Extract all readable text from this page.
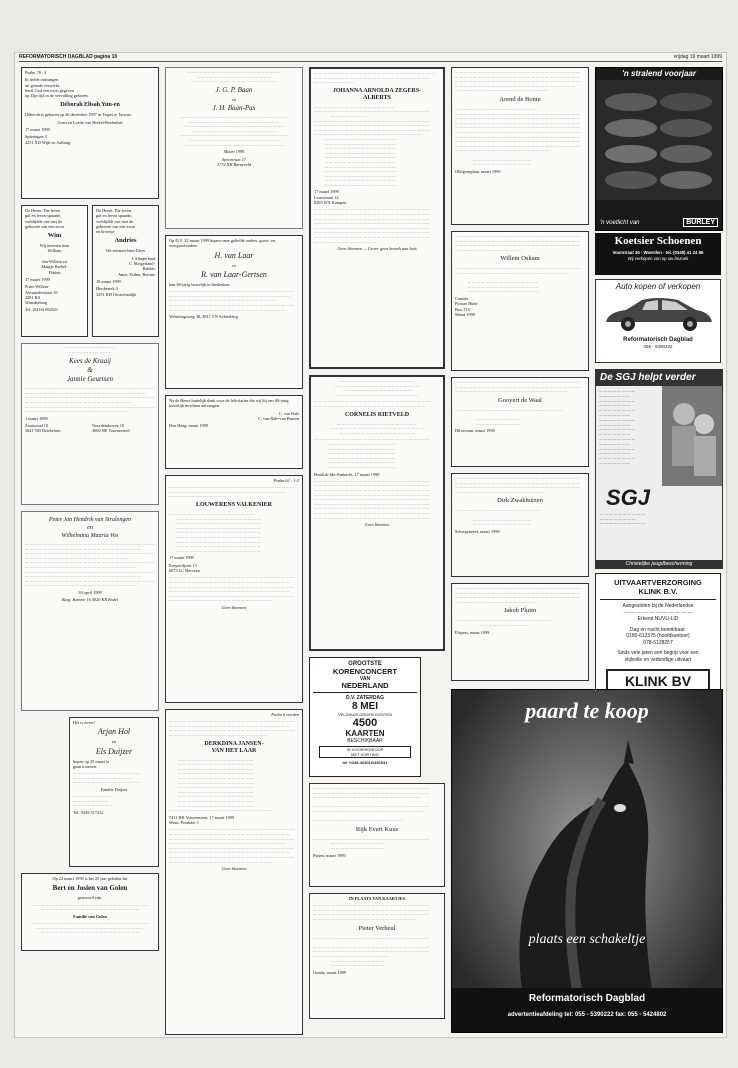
REFORMATORISCH DAGBLAD pagina 10	vrijdag 19 maart 1999

Psalm 78 : 4

In liefde ontvangen
uit genade verwerkt,
heeft God een zoon gegeven
op Zijn tijd in de vervulling geboren.

Déborah Elisah Yun-en

Déborah is geboren op 26 december 1997 in Taipei te Taiwan.

Goen en Loette van Berkel-Boelenbal

17 maart 1999

Spieringen 3
4251 XD Wijk en Aalburg

De Heere, Die leven
gaf en leven spaarde,
verblijdde ons met de
geboorte van een zoon

Wim

Wij noemen hem
William

Jan-Willem en
Margje Barbel-
Flatten

17 maart 1999

Prins-Willem-
Alexanderstraat 19
4281 BA
Waarderburg

Tel. (0416) 692821

De Heere, Die leven
gaf en leven spaarde,
verblijdde ons met de
geboorte van een zoon
en broertje

Andries

We noemen hem Dries

J. Slingerland
C. Slingerland-
Bakker
Anne, Esther, Bertine

18 maart 1999

Herdertrek 4
3291 KH Oosterlandijk

~ ~ ~ ~ ~ ~ ~ ~ ~ ~ ~ ~ ~ ~ ~ ~ ~ ~
~ ~ ~ ~ ~ ~ ~ ~ ~ ~ ~ ~ ~ ~ ~

Kees de Kraaij
&
Jannie Geurtsen

— — — — — — — — — — — — — — — — — — — — — — — — — — — — —
— — — — — — — — — — — — — — — — — — — — — — — — — — —
— — — — — — — — — — — — — — — — — — — — — — — — — — — — —
— — — — — — — — — — — — — — — — — — — — — — — —
— — — — — — — — — — — — — — — — — — — — — — — — — — — — —
— — — — — — — — — — — — — — — — — — — — — — —

1 maart 1999

Zoutwoud 10
3641 ND Driebelsen
Noordeinhoven 10
3600 NE Voormwinel
Peter Jan Hendrik van Stralengen
en
Wilhelmina Maaria Vos

— — — — — — — — — — — — — — — — — — — — — — — — — — — — —
— — — — — — — — — — — — — — — — — — — — — — — — — —
— — — — — — — — — — — — — — — — — — — — — — — — — — — — —
— — — — — — — — — — — — — — — — — — — — — — —
— — — — — — — — — — — — — — — — — — — — — — — — — — — — —
— — — — — — — — — — — — — — — — — — — — — — — — —
— — — — — — — — — — — — — — — — — — — — — — — — — — — — —
— — — — — — — — — — — — — — — — — — — — — — — — — —
— — — — — — — — — — — — — — — — — — — — — — — — — — — — —
— — — — — — — — — — — — — — — — — — — — — — — — —

30 april 1999

Burg. Romme 16 4926 KR Bodel

Het is zover!

Arjan Hol
en
Els Duijzer

hopen op 25 maart te
gaan trouwen.

— — — — — — — — — — — — — — —
— — — — — — — — — — — — —
— — — — — — — — — — — — — — —

Familie Duijzer

— — — — — — — — —
— — — — — — — —
— — — — — — — — —

Tel. 0345-517222

Op 22 maart 1999 is het 25 jaar geleden dat

Bert en Josien van Golen

getrouwd zijn.

— — — — — — — — — — — — — — — — — — — — — — — — — —
— — — — — — — — — — — — — — — — — — — — — —

Familie van Golen

— — — — — — — — — — — — — — — — — — — — — — — — — —
— — — — — — — — — — — — — — — — — — — — — — — —
— — — — — — — — — — — — — — — — — — — — — —

— — — — — — — — — — — — — — — — — — — — — — —
— — — — — — — — — — — — — — — — — —
— — — — — — — — — — — — — — — — — — — — —

J. G. P. Baan
en
J. H. Baan-Pas

— — — — — — — — — — — — — — — — — — — — — — — — — —
— — — — — — — — — — — — — — — — — — — — — —
— — — — — — — — — — — — — — — — — — — — — — — — —
— — — — — — — — — — — — — — — — — — — — —
— — — — — — — — — — — — — — — — — — — — — — — — — —
— — — — — — — — — — — — — — — — — — — — — —
— — — — — — — — — — — — — — — — — — — — — — — — —

Maart 1999

Spoortraat 17
3772 NH Barneveld

Op D.V. 22 maart 1999 hopen onze geliefde ouders, groot- en overgrootouders

H. van Laar
en
R. van Laar-Gertsen

hun 60-jarig huwelijk te herdenken.

— — — — — — — — — — — — — — — — — — — — — — — — — — — —
— — — — — — — — — — — — — — — — — — — — — — — — — — —
— — — — — — — — — — — — — — — — — — — — — — — —
— — — — — — — — — — — — — — — — — — — — — — — — — — — —
— — — — — — — — — — — — — — — — — — — — — — — — — —

Wetteringsweg 40, 2811 VN Achterberg

Na de Heere hartelijk dank voor de felicitaties die wij bij ons 60-jarig huwelijk mochten ontvangen.

C. van Bale
C. van Bale-van Baaren

Den Haag, maart 1999

Psalm 62 : 1-2

— — — — — — — — — — — — — — — — — — — — — — — — — — — —
— — — — — — — — — — — — — — — — — — — — — — — — — —
— — — — — — — — — — — — —

LOUWERENS VALKENIER

— — — — — — — — — — — — — — — — — — —
— — — — — — — — — — — — — — — — — — —
— — — — — — — — — — — — — — — — — — —
— — — — — — — — — — — — — — — — — — —
— — — — — — — — — — — — — — — — — — —
— — — — — — — — — — — — — — — — — — —
— — — — — — — — — — — — — — — — — — —
— — — — — — — — — — — — — — — — — — —
— — — — — — — — — — — — — — — — — — —

17 maart 1999

Zeepaviljoen 13
6873 LC Herveen

— — — — — — — — — — — — — — — — — — — — — — — — — — — —
— — — — — — — — — — — — — — — — — — — — — — — — — — —
— — — — — — — — — — — — — — — — — — — — — — — — — — — —
— — — — — — — — — — — — — — — — — — — — — — — — — — —
— — — — — — — — — — — — — — — — — — — — — — — — — — — —
— — — — — — — — — — — — — — — — — — — — — — —

Geen bloemen

Psalm 6 vierden

— — — — — — — — — — — — — — — — — — — — — — — — — — — —
— — — — — — — — — — — — — — — — — — — — — — — — — — —
— — — — — — — — — — — — — — — — — — — — — — — — — — — —
— — — — — — — — — — — — — — — — — — — — — —

DERKDINA JANSEN-
VAN HET LAAR

— — — — — — — — — — — — — — — — —
— — — — — — — — — — — — — — — — —
— — — — — — — — — — — — — — — — —
— — — — — — — — — — — — — — — — —
— — — — — — — — — — — — — — — — —
— — — — — — — — — — — — — — — — —
— — — — — — — — — — — — — — — — —
— — — — — — — — — — — — — — — — —
— — — — — — — — — — — — — — — — —
— — — — — — — — — — — — — — — — —
— — — — — — — — — — — — — — — — —
— — — — — — — — — — — — — — — — — — — — — — —

7411 HK Vriezenveen, 17 maart 1999
Westr. Postbaat 5

— — — — — — — — — — — — — — — — — — — — — — — — — — — —
— — — — — — — — — — — — — — — — — — — — — — — — — — —
— — — — — — — — — — — — — — — — — — — — — — — — — — — —
— — — — — — — — — — — — — — — — — — — — — — — — — —
— — — — — — — — — — — — — — — — — — — — — — — — — — — —
— — — — — — — — — — — — — — — — — — — — — — — — — — —
— — — — — — — — — — — — — — — — — — — — — — — — — — — —
— — — — — — — — — — — — — — — — — — — — — — —

Geen bloemen

— — — — — — — — — — — — — — — — — — — — — — — — — — —
— — — — — — — — — — — — — — — — — — — — — — — — — —
— — — — — — — — —

JOHANNA ARNOLDA ZEGERS-
ALBERTS

— — — — — — — — — — — — — — — — — —
— — — — — — — — — — — — — — — — — — — — — — — — — —
— — — — — — — —
— — — — — — — — — — — — — — — — — — — — — — — — — —
— — — — — — — — — — — — — — — — — — — — — — — — — —
— — — — — — — — — — — — — — — — — — — — — — — — — —
— — — — — — — — — — — — — — — — — — — — — — — —
— — — — — — — — — — — — — — — —
— — — — — — — — — — — — — — — —
— — — — — — — — — — — — — — — —
— — — — — — — — — — — — — — — —
— — — — — — — — — — — — — — — —
— — — — — — — — — — — — — — — —
— — — — — — — — — — — — — — — —
— — — — — — — — — — — — — — — —
— — — — — — — — — — — — — — — —
— — — — — — — — — — — — — — — —
— — — — — — — — — — — — — — — —

17 maart 1999
Louisstraat 14
8265 WX Kampen

— — — — — — — — — — — — — — — — — — — — — — — — — —
— — — — — — — — — — — — — — — — — — — — — — — — — —
— — — — — — — — — — — — — — — — — — — — — — — — — —
— — — — — — — — — — — — — — — — — — — — — — — — — —
— — — — — — — — — — — — — — — — — — — — — — — — — —
— — — — — — — — — — — — — — — — — — — — — — — — — —
— — — — — — — — — — — — — — — — — — — — — — — — — —
— — — — — — — — — — — — — —

Geen bloemen — Liever geen bezoek aan huis

— — — — — — — — — — — — — — — — — —
— — — — — — — — — — — — — — — — — — — — —
— — — — — — — — — — — — — — — — —
— — — — — — — — — — — — — — — — — — — —

— — — — — — — — — — — — — — — — — — — — — — — — — —
— — — — — — — — — — — — — — — — — — — — — — — — —

CORNELIS RIETVELD

— — — — — — — — — — — — — — — — — —
— — — — — — — — — — — — — — — — — — — — —
— — — — — — — — — — — — — — — — —

— — — — — — — — — — — — — — — — — — — — — — — — — —
— — — — — — — — — — — — — — —
— — — — — — — — — — — — — — —
— — — — — — — — — — — — — — —
— — — — — — — — — — — — — — —
— — — — — — — — — — — — — — —
— — — — — — — — — — — — — — —

Hendrik-Ido-Ambacht, 17 maart 1999

— — — — — — — — — — — — — — — — — — — — — — — — — —
— — — — — — — — — — — — — — — — — — — — — — — — — —
— — — — — — — — — — — — — — — — — — — — — — — — — —
— — — — — — — — — — — — — — — — — — — — — — — — — —
— — — — — — — — — — — — — — — — — — — — — — — — — —
— — — — — — — — — — — — — — — — — — — — — — — — — —
— — — — — — — — — — — — — — — — — — — — — — — — — —
— — — — — — — — — — — — — — — — — — — — — — — — — —
— — — — — — — — — — — — — — — — — — — — — — — — — —

Geen bloemen

GROOTSTE
KORENCONCERT
VAN
NEDERLAND
D.V. ZATERDAG
8 MEI
VELDHUIS GROEN OOSTEN
4500
KAARTEN
BESCHIKBAAR
IN VOORVERKOOP
MET KORTING
tel. 0348-463016/452031

— — — — — — — — — — — — — — — — — — — — — — — — — —
— — — — — — — — — — — — — — — — — — — — — — — — — —
— — — — — — — — — — — — — — — — — — — — — — — —

— — — — — — — — — — — — — — — — — — — — — — — — — —
— — — — — — — — — — — — — — — — — — — — — — — — —

— — — — — — — — — — — — — — — — — — — —

Rijk Evert Kuus

— — — — — — — — — — — — — — — — — — — — — — — — — —
— — — — — — — — — — — —
— — — — — — — — — — — —

Putten, maart 1999

IN PLAATS VAN KAARTJES

— — — — — — — — — — — — — — — — — — — — — — — — — —
— — — — — — — — — — — — — — — — — — — — — — — — — —
— — — — — — — — — — — — — — — — — — — — — — — — — —
— — — — — — — — — — — — — — — — — — — — — — —

Pieter Verheul

— — — — — — — — — — — — — — — — — — — — — — — — — —

— — — — — — — — — — — — — — — — — — — — — — — — — —
— — — — — — — — — — — — — — — — — — — — — — — — — —
— — — — — — — — — — — — — — — — —
— — — — — — — — — — — —
— — — — — — — — — — — —

Gouda, maart 1999

— — — — — — — — — — — — — — — — — — — — — — — — — — — —
— — — — — — — — — — — — — — — — — — — — — — — — — — — —
— — — — — — — — — — — — — — — — — — — — — — — — — — — —
— — — — — — — — — — — — — — — — — — — — — — — — — — —
— — — — — — — — — — — — — — — — — — — — —

Arend de Bonte

— — — — — — — — — — — — — — — — — —
— — — — — — — — — — — — — — — — — — — — — — — — — — — —
— — — — — — — — — — — — — — — — — — — — — — — — — — — —
— — — — — — — — — — — — — — — — — — — — — — — — — — — —
— — — — — — — — — — — — — — — — — — — — — — — — — — — —
— — — — — — — — — — — — — — — — — — — — — — — — — — — —
— — — — — — — — — — — — — — — — — — — — — — — — — — — —
— — — — — — — — — — — — — — — — — — — — — — — — — — — —
— — — — — — — — — — — — — — — — — — — — — — — — — — — —
— — — — — — — — — — — — — — — — — — — — —

— — — — — — — — — — — — —
— — — — — — — — — — — — —

Oldigensplaat, maart 1999

— — — — — — — — — — — — — — — — — — — — — — — — — — — —
— — — — — — — — — — — — — — — — — — — — — — — — — — — —
— — — — — — — — — — — — — — — — — — — — — — — — — — — —
— — — — — — — — — — — — — — —

Willem Oskam

— — — — — — — — — — — — — — — — — — — — — — — — — — — —
— — — — — — — — — — — — — — — — — — — — — — — — —

— — — — — — — — — — — — — — — —
— — — — — — — — — — — — — — — —
— — — — — — — — — — — — — — — —

Canada
Picture Butte
Box 374
Maart 1999

— — — — — — — — — — — — — — — — — — — — — — — — — — — —
— — — — — — — — — — — — — — — — — — — — — — — — — — — —
— — — — — — — — — — — — — — — — — — — — — — — — —

Gooyert de Waal

— — — — — — — — — — — — — — — — — — — — — — — —

— — — — — — — — — —
— — — — — — — — — —

Hilversum, maart 1999

— — — — — — — — — — — — — — — — — — — — — — — — — — — —
— — — — — — — — — — — — — — — — — — — — — — — — — — — —
— — — — — — — — — — — — — — — — — — — — — — — — — — — —
— — — — — — — — — — — — — — — — — — — —

Dirk Zwakhuizen

— — — — — — — — — — — — — — — — — — —

— — — — — — — — — — — — —
— — — — — — — — — — — — —

Scherpenzeel, maart 1999

— — — — — — — — — — — — — — — — — — — — — — — — — — — —
— — — — — — — — — — — — — — — — — — — — — — — — — — — —
— — — — — — — — — — — — — — — — — — — — — — — — — — — —
— — — — — — — — — — — — — — — — — —

Jakob Pluim

— — — — — — — — — — — — — — — — — — — — — —
— — — — — — — — — — —

Elspeet, maart 1999

'n stralend voorjaar
'n voetlicht van	BURLEY
Koetsier Schoenen
Voorstraat 35 - Woerden - tel. (0348) 41 24 85
Wij verkopen van op uw bezoek
Auto kopen of verkopen
Reformatorisch Dagblad
055 - 5390222
De SGJ helpt verder
— — — — — — — —
— — — — — — —
— — — — — — — —
— — — — — — —
— — — — — — — —
— — — — — — —
— — — — — — — —
— — — — — — —
— — — — — — — —
— — — — — — —
— — — — — — — —
— — — — — — —
— — — — — — — —
— — — — — — —
— — — — — — — —
— — — — — — —
SGJ
— — — — — — — — — —
— — — — — — — —
— — — — — — — — — —
Christelijke jeugdbescherming
UITVAARTVERZORGING
KLINK B.V.
Aangesloten bij de Nederlandse
— — — — — — — — — — —
Erkend NUVU-LID
Dag en nacht bereikbaar:
0180-612375 (hoofdkantoor)
078-6128257
Sinds vele jaren een begrip voor een
stijlvolle en verbindige uitvaart
KLINK BV
paard te koop
plaats een schakeltje
Reformatorisch Dagblad
advertentieafdeling tel: 055 - 5390222 fax: 055 - 5424802
